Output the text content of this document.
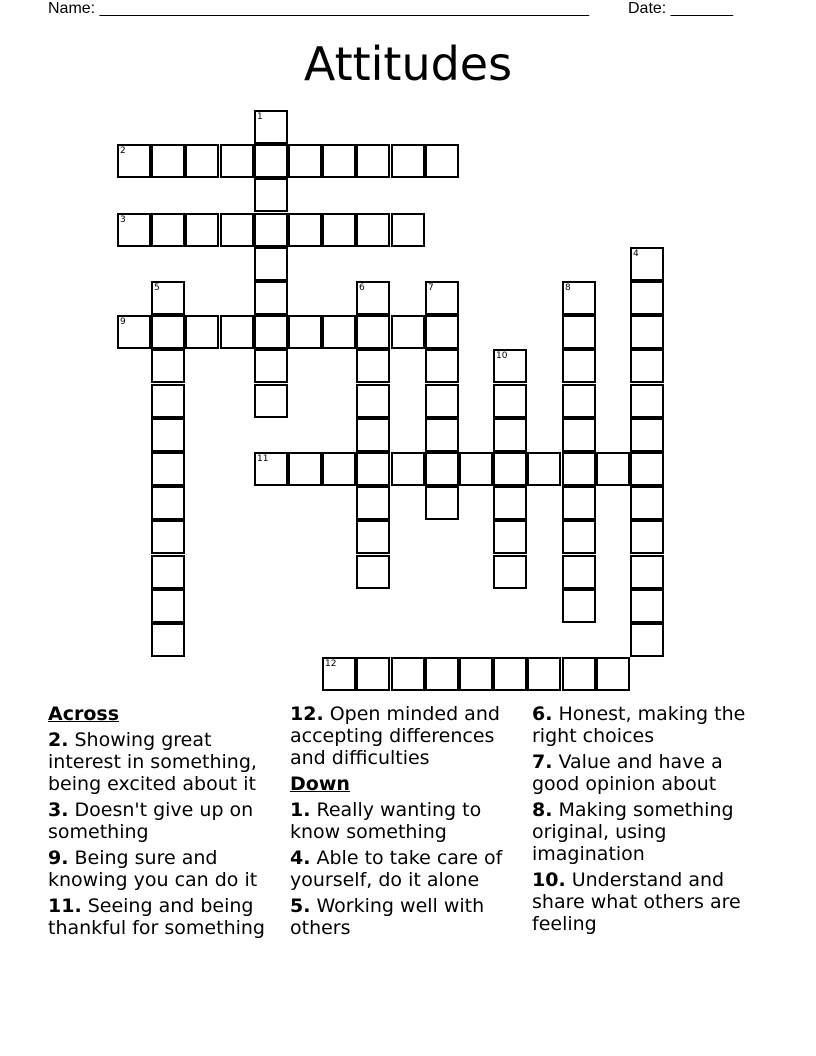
Name: _______________________________________________________ Date: _______
Attitudes
1
2
3
4
5	6	7	8
9
10
11
12
Across
2. Showing great interest in something, being excited about it
3. Doesn't give up on something
9. Being sure and knowing you can do it
11. Seeing and being thankful for something
12. Open minded and accepting differences and difficulties
Down
1. Really wanting to know something
4. Able to take care of yourself, do it alone
5. Working well with others
6. Honest, making the right choices
7. Value and have a good opinion about
8. Making something original, using imagination
10. Understand and share what others are feeling
